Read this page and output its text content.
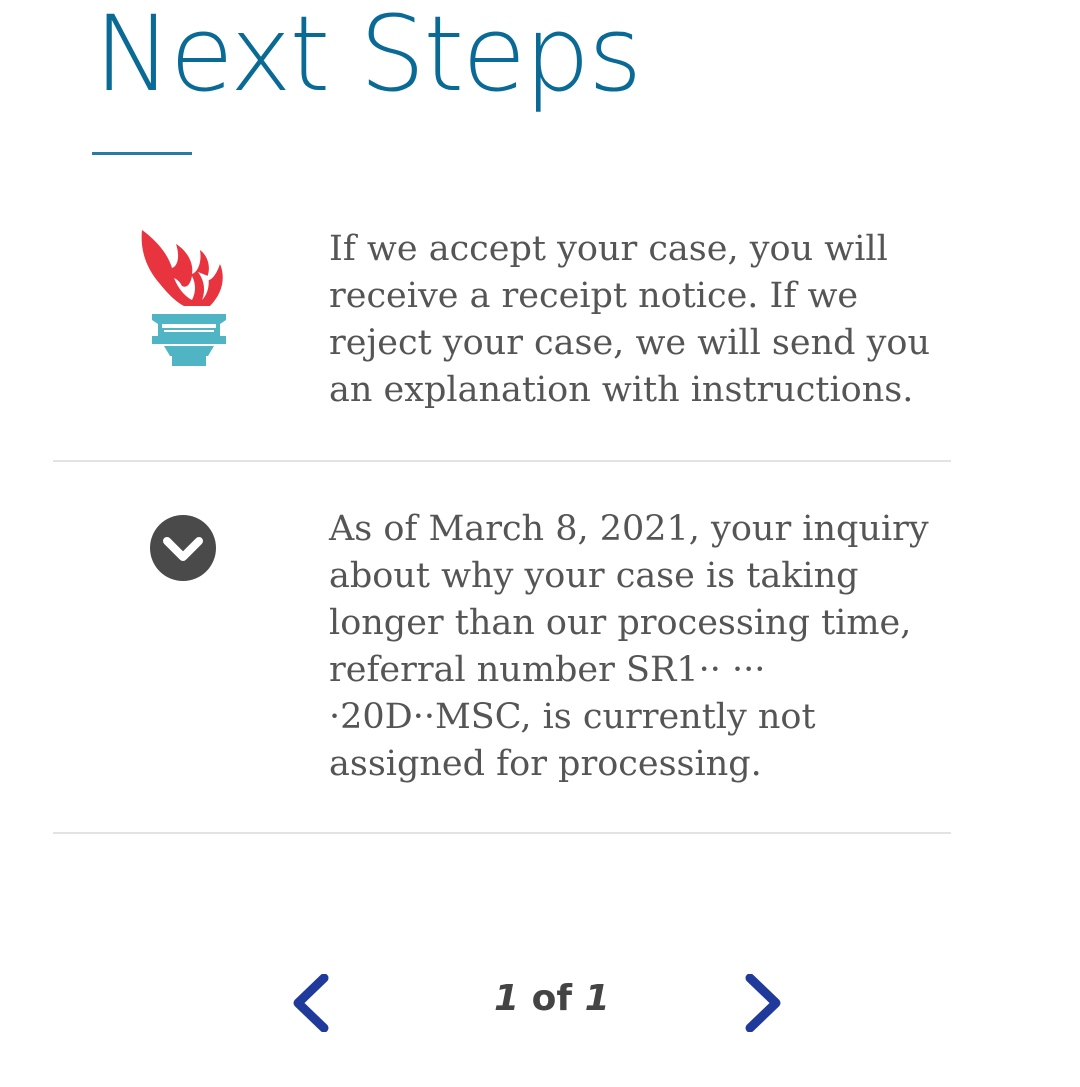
Next Steps
If we accept your case, you will receive a receipt notice. If we reject your case, we will send you an explanation with instructions.
As of March 8, 2021, your inquiry about why your case is taking longer than our processing time, referral number SR1·· ··· ·20D··MSC, is currently not assigned for processing.
1 of 1
